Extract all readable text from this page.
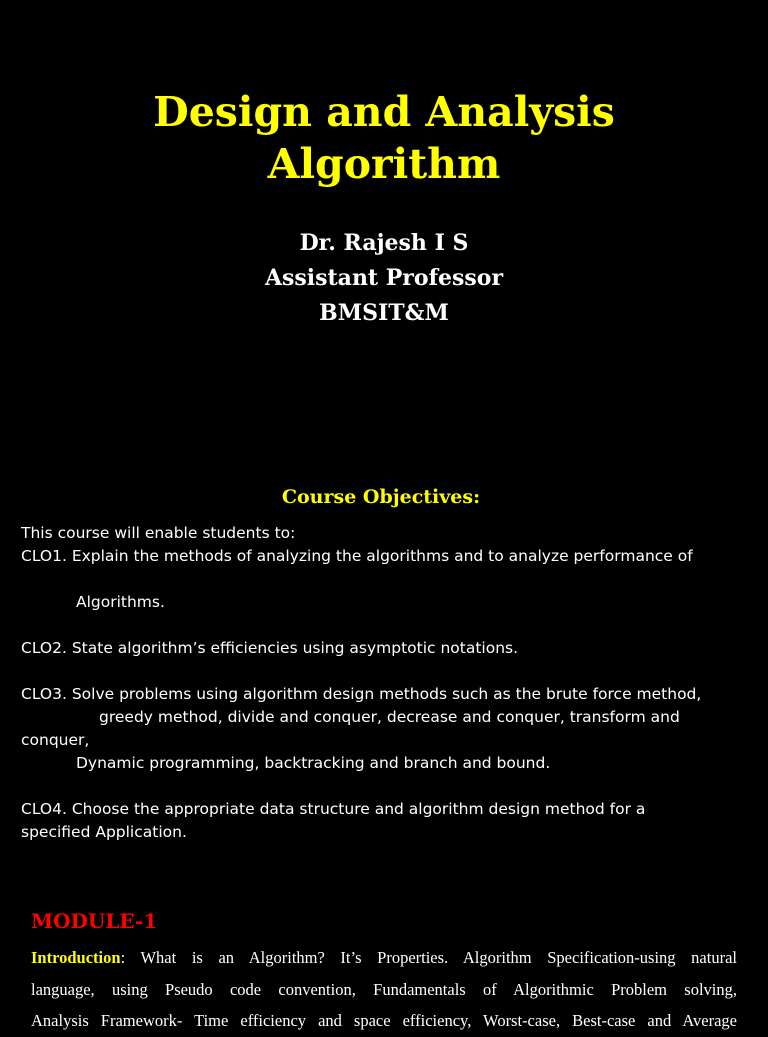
Design and Analysis
Algorithm
Dr. Rajesh I S
Assistant Professor
BMSIT&M
Course Objectives:
This course will enable students to:
CLO1. Explain the methods of analyzing the algorithms and to analyze performance of
Algorithms.
CLO2. State algorithm’s efficiencies using asymptotic notations.
CLO3. Solve problems using algorithm design methods such as the brute force method,
greedy method, divide and conquer, decrease and conquer, transform and
conquer,
Dynamic programming, backtracking and branch and bound.
CLO4. Choose the appropriate data structure and algorithm design method for a
specified Application.
MODULE-1
Introduction: What is an Algorithm? It’s Properties. Algorithm Specification-using natural
language, using Pseudo code convention, Fundamentals of Algorithmic Problem solving,
Analysis Framework- Time efficiency and space efficiency, Worst-case, Best-case and Average
